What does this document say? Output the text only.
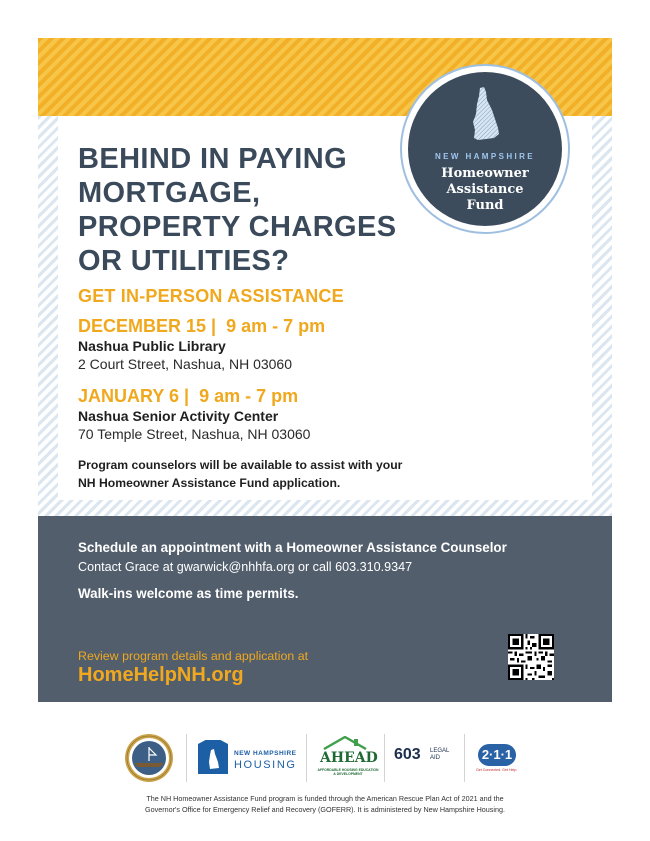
NEW HAMPSHIRE
Homeowner
Assistance
Fund
BEHIND IN PAYING
MORTGAGE,
PROPERTY CHARGES
OR UTILITIES?
GET IN-PERSON ASSISTANCE
DECEMBER 15 | 9 am - 7 pm
Nashua Public Library
2 Court Street, Nashua, NH 03060
JANUARY 6 | 9 am - 7 pm
Nashua Senior Activity Center
70 Temple Street, Nashua, NH 03060
Program counselors will be available to assist with your
NH Homeowner Assistance Fund application.
Schedule an appointment with a Homeowner Assistance Counselor
Contact Grace at gwarwick@nhhfa.org or call 603.310.9347
Walk-ins welcome as time permits.
Review program details and application at
HomeHelpNH.org
NEW HAMPSHIRE
HOUSING AHEAD
AFFORDABLE HOUSING EDUCATION & DEVELOPMENT
603 LEGAL
AID	2·1·1
Get Connected. Get Help.
The NH Homeowner Assistance Fund program is funded through the American Rescue Plan Act of 2021 and the
Governor's Office for Emergency Relief and Recovery (GOFERR). It is administered by New Hampshire Housing.
